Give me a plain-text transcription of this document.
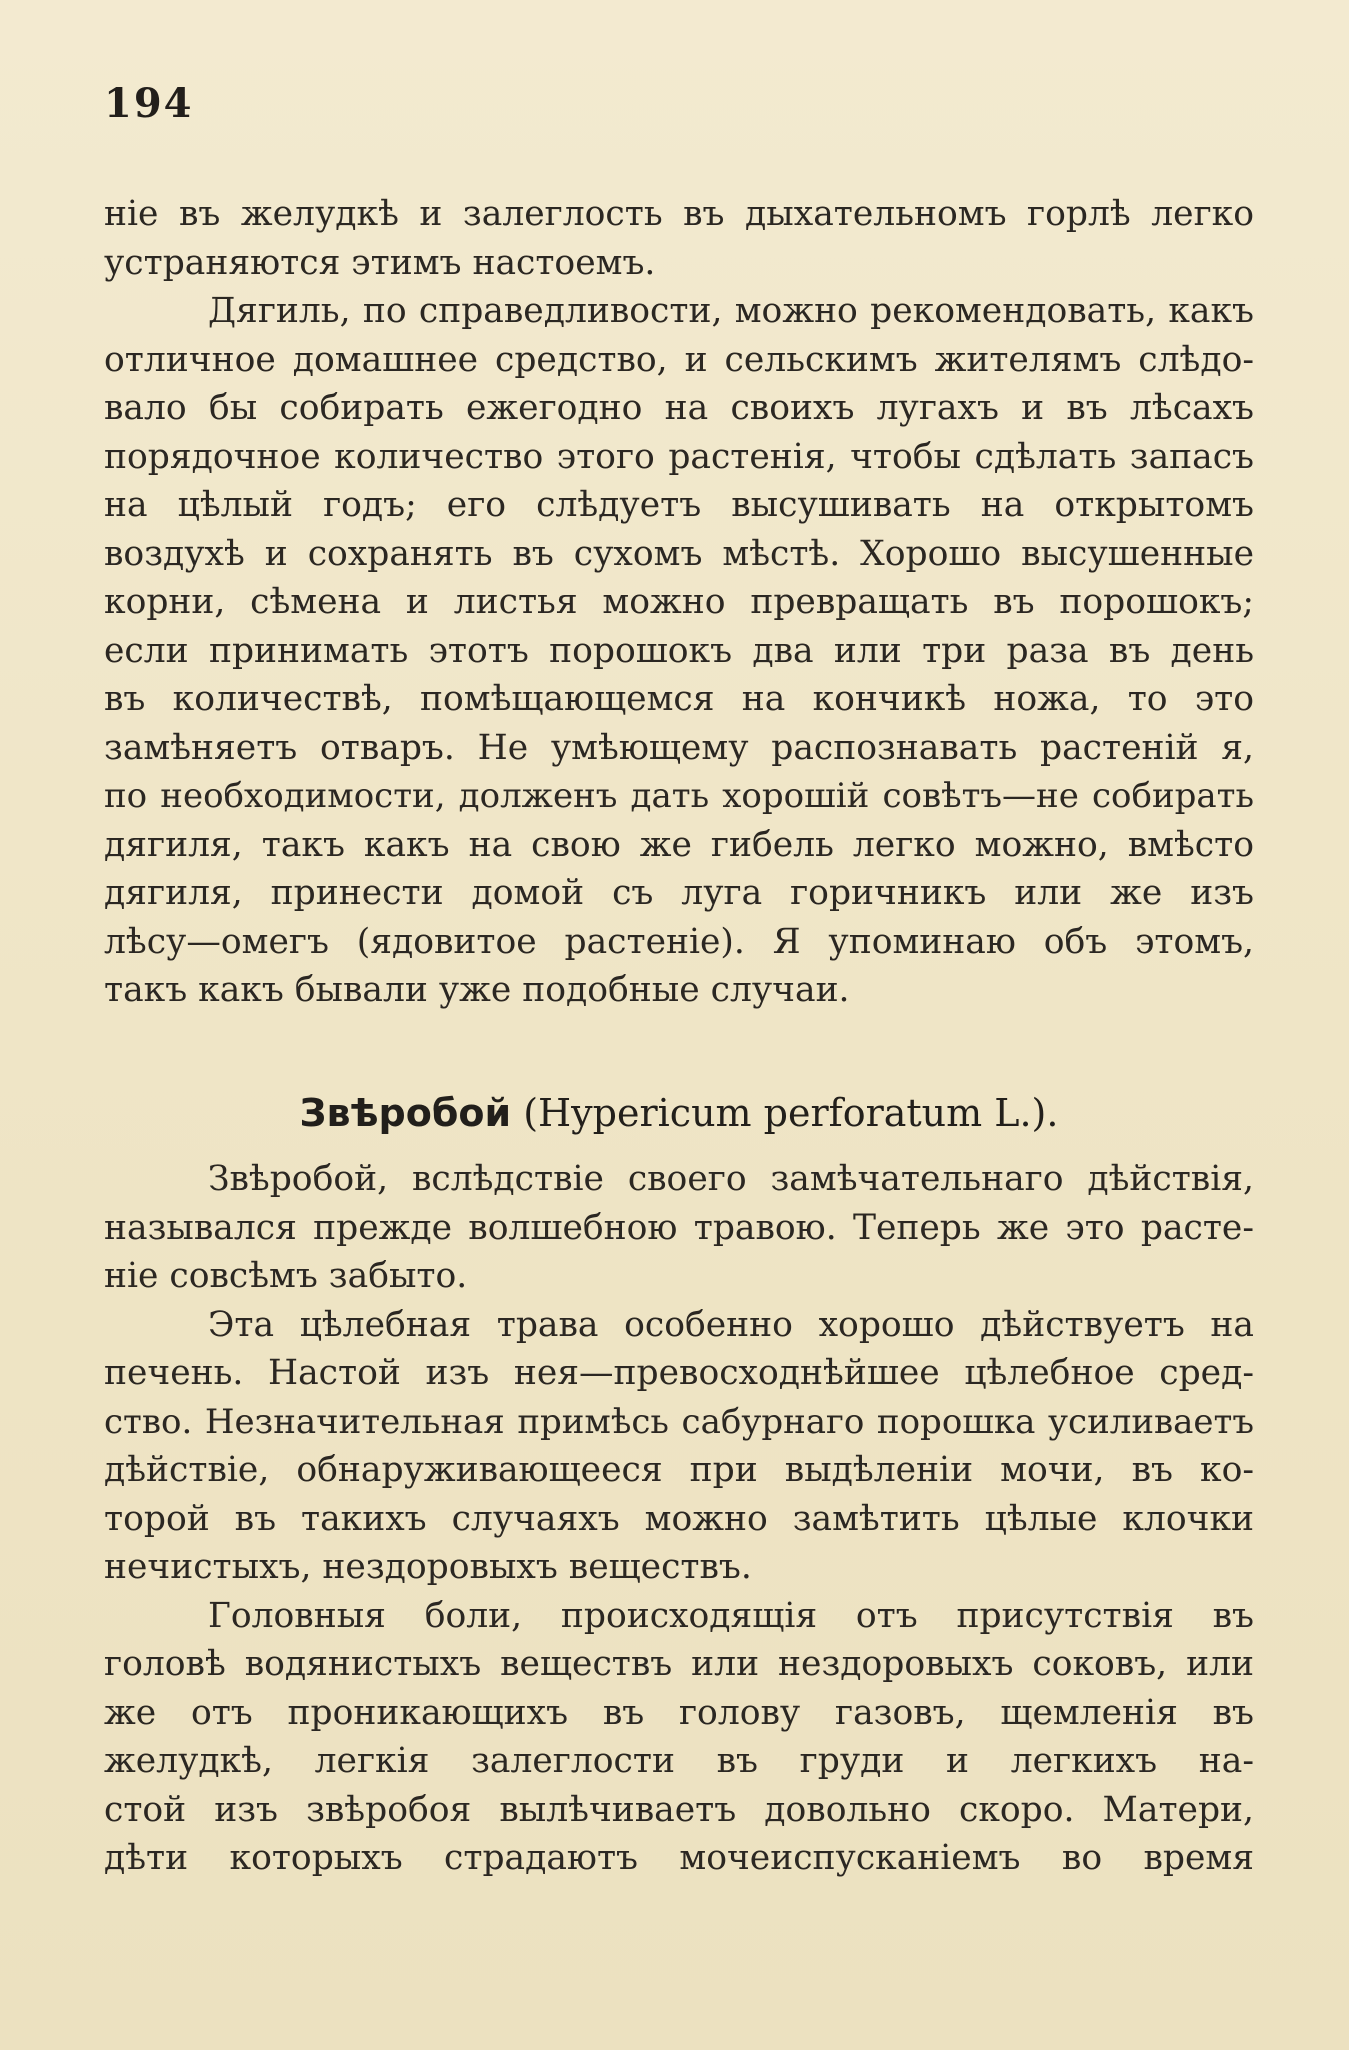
194
ніе въ желудкѣ и залеглость въ дыхательномъ горлѣ легко
устраняются этимъ настоемъ.
Дягиль, по справедливости, можно рекомендовать, какъ
отличное домашнее средство, и сельскимъ жителямъ слѣдо-
вало бы собирать ежегодно на своихъ лугахъ и въ лѣсахъ
порядочное количество этого растенія, чтобы сдѣлать запасъ
на цѣлый годъ; его слѣдуетъ высушивать на открытомъ
воздухѣ и сохранять въ сухомъ мѣстѣ. Хорошо высушенные
корни, сѣмена и листья можно превращать въ порошокъ;
если принимать этотъ порошокъ два или три раза въ день
въ количествѣ, помѣщающемся на кончикѣ ножа, то это
замѣняетъ отваръ. Не умѣющему распознавать растеній я,
по необходимости, долженъ дать хорошій совѣтъ—не собирать
дягиля, такъ какъ на свою же гибель легко можно, вмѣсто
дягиля, принести домой съ луга горичникъ или же изъ
лѣсу—омегъ (ядовитое растеніе). Я упоминаю объ этомъ,
такъ какъ бывали уже подобные случаи.
Звѣробой (Hypericum perforatum L.).
Звѣробой, вслѣдствіе своего замѣчательнаго дѣйствія,
назывался прежде волшебною травою. Теперь же это расте-
ніе совсѣмъ забыто.
Эта цѣлебная трава особенно хорошо дѣйствуетъ на
печень. Настой изъ нея—превосходнѣйшее цѣлебное сред-
ство. Незначительная примѣсь сабурнаго порошка усиливаетъ
дѣйствіе, обнаруживающееся при выдѣленіи мочи, въ ко-
торой въ такихъ случаяхъ можно замѣтить цѣлые клочки
нечистыхъ, нездоровыхъ веществъ.
Головныя боли, происходящія отъ присутствія въ
головѣ водянистыхъ веществъ или нездоровыхъ соковъ, или
же отъ проникающихъ въ голову газовъ, щемленія въ
желудкѣ, легкія залеглости въ груди и легкихъ на-
стой изъ звѣробоя вылѣчиваетъ довольно скоро. Матери,
дѣти которыхъ страдаютъ мочеиспусканіемъ во время
